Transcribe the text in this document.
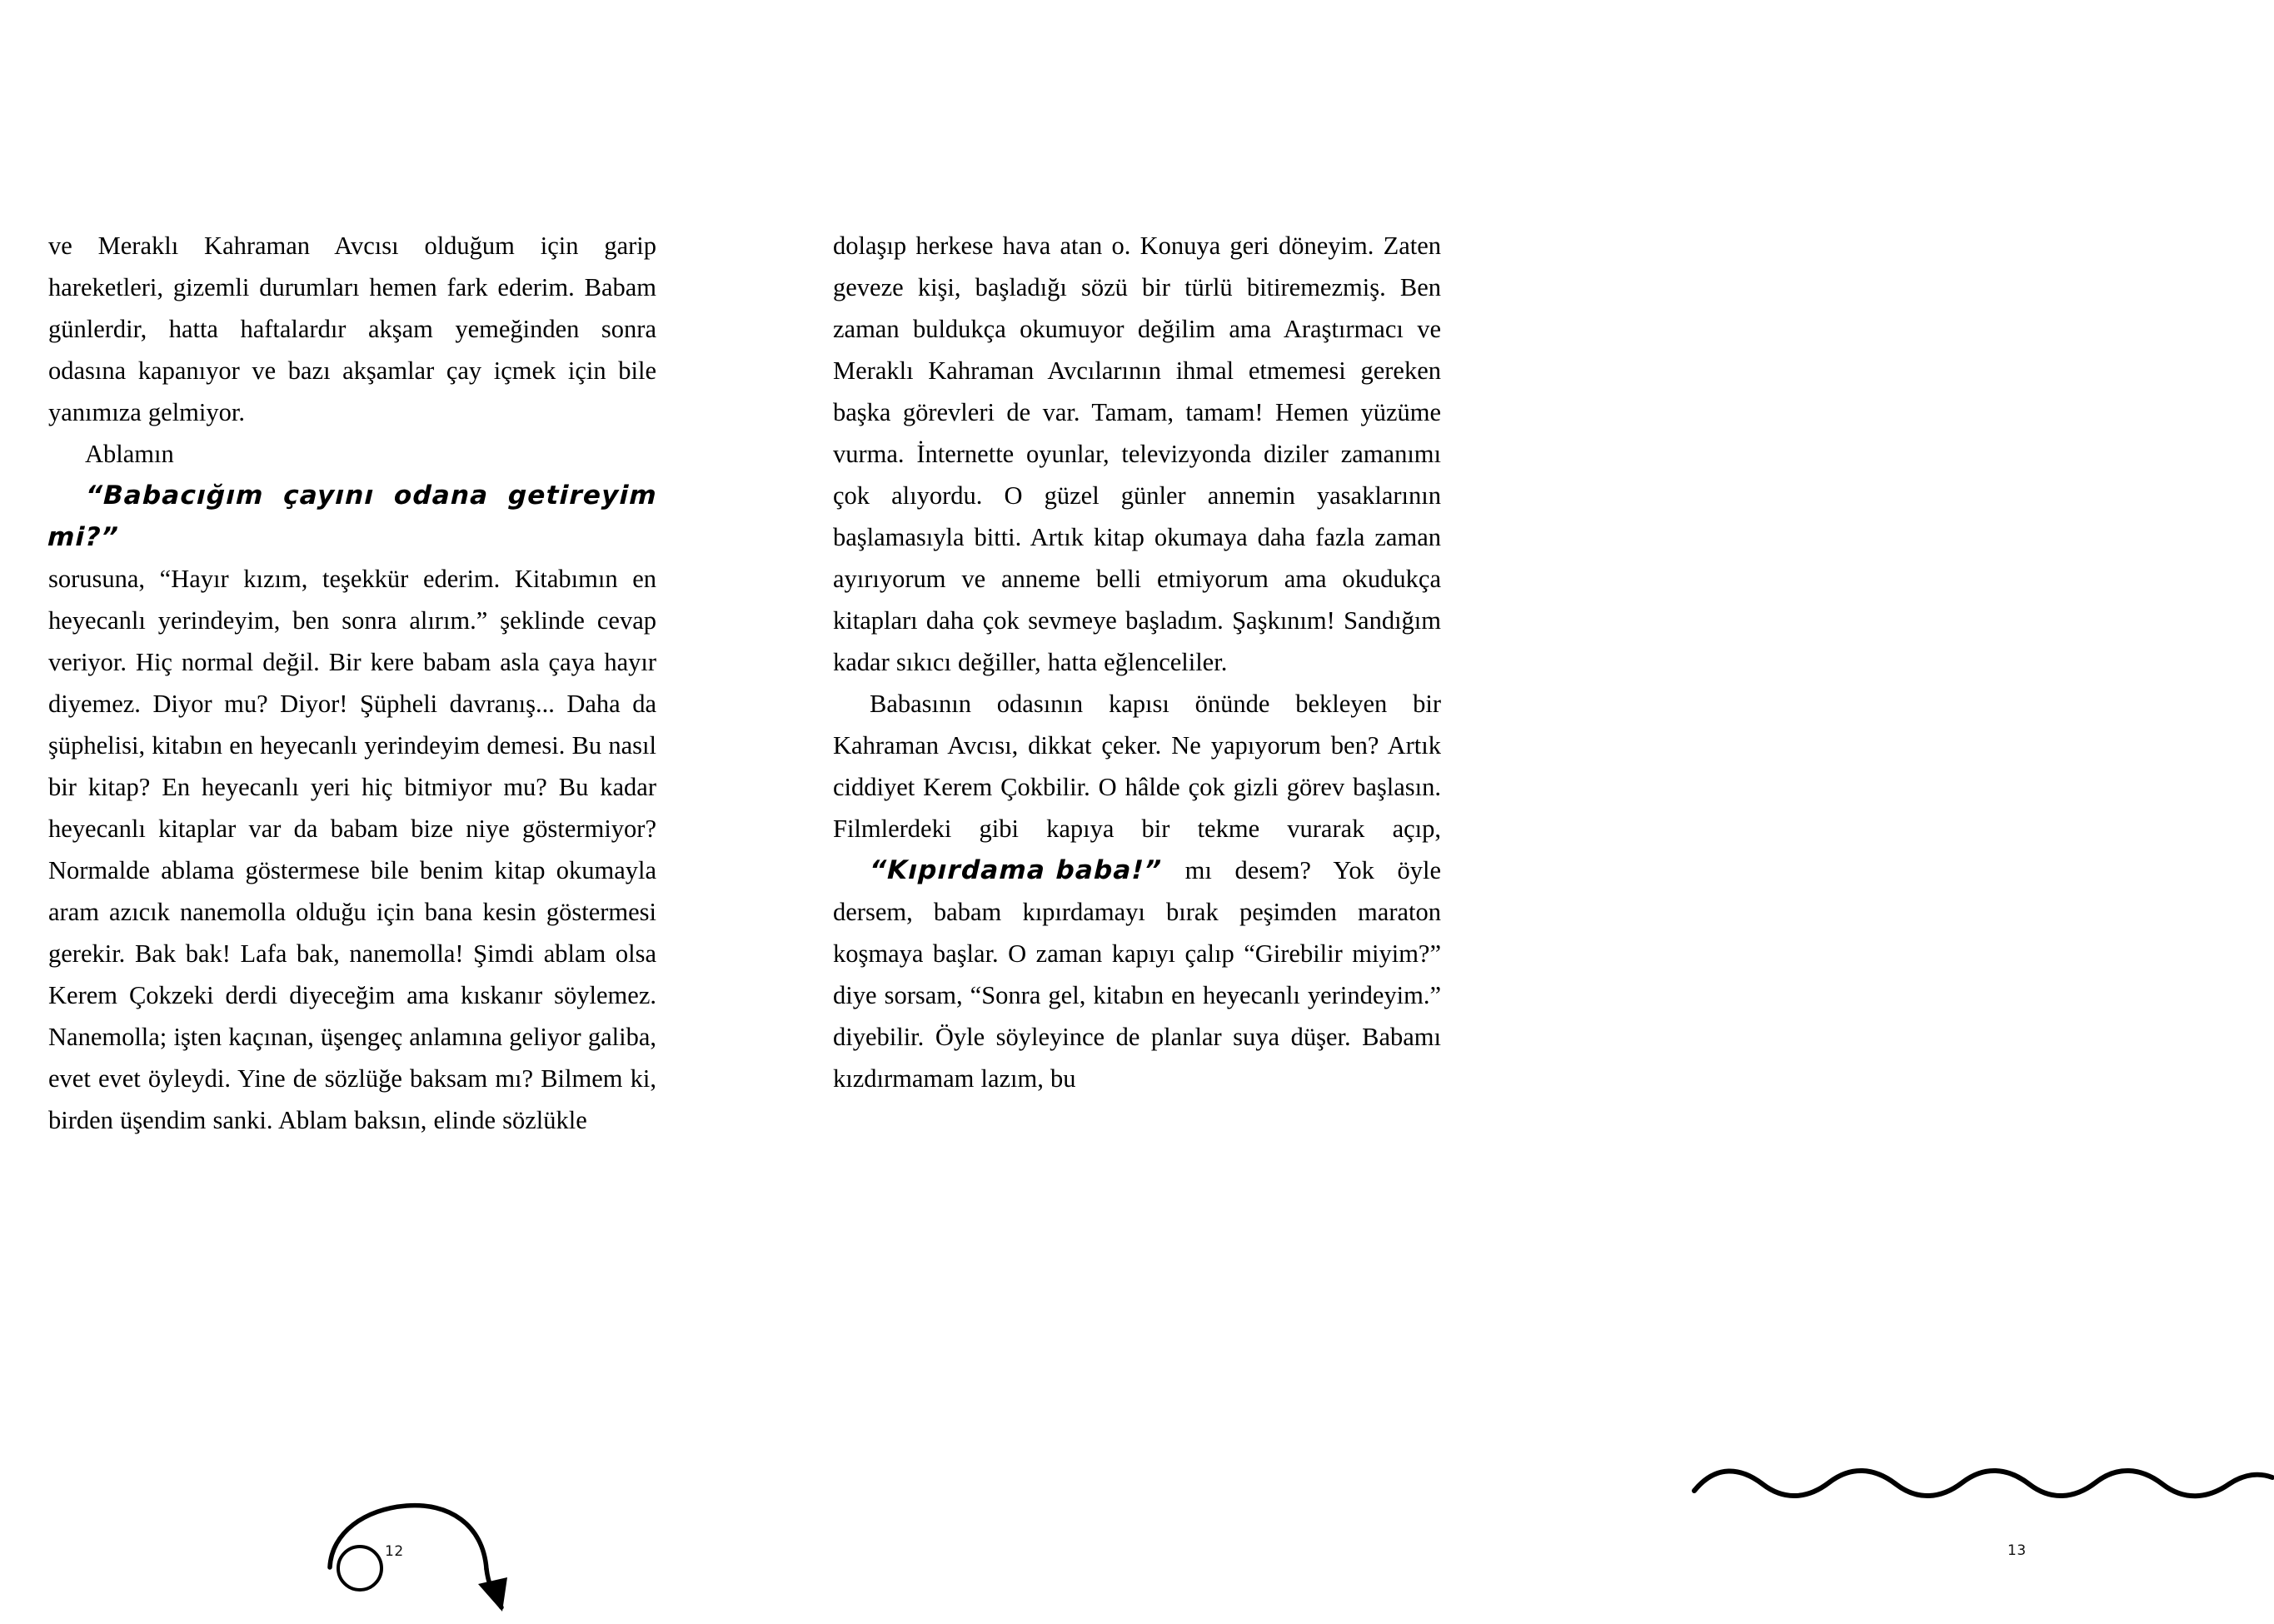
ve Meraklı Kahraman Avcısı olduğum için garip hareketleri, gizemli durumları hemen fark ederim. Babam günlerdir, hatta haftalardır akşam yemeğinden sonra odasına kapanıyor ve bazı akşamlar çay içmek için bile yanımıza gelmiyor.

Ablamın “Babacığım çayını odana getireyim mi?” sorusuna, “Hayır kızım, teşekkür ederim. Kitabımın en heyecanlı yerindeyim, ben sonra alırım.” şeklinde cevap veriyor. Hiç normal değil. Bir kere babam asla çaya hayır diyemez. Diyor mu? Diyor! Şüpheli davranış... Daha da şüphelisi, kitabın en heyecanlı yerindeyim demesi. Bu nasıl bir kitap? En heyecanlı yeri hiç bitmiyor mu? Bu kadar heyecanlı kitaplar var da babam bize niye göstermiyor? Normalde ablama göstermese bile benim kitap okumayla aram azıcık nanemolla olduğu için bana kesin göstermesi gerekir. Bak bak! Lafa bak, nanemolla! Şimdi ablam olsa Kerem Çokzeki derdi diyeceğim ama kıskanır söylemez. Nanemolla; işten kaçınan, üşengeç anlamına geliyor galiba, evet evet öyleydi. Yine de sözlüğe baksam mı? Bilmem ki, birden üşendim sanki. Ablam baksın, elinde sözlükle

12

dolaşıp herkese hava atan o. Konuya geri döneyim. Zaten geveze kişi, başladığı sözü bir türlü bitiremezmiş. Ben zaman buldukça okumuyor değilim ama Araştırmacı ve Meraklı Kahraman Avcılarının ihmal etmemesi gereken başka görevleri de var. Tamam, tamam! Hemen yüzüme vurma. İnternette oyunlar, televizyonda diziler zamanımı çok alıyordu. O güzel günler annemin yasaklarının başlamasıyla bitti. Artık kitap okumaya daha fazla zaman ayırıyorum ve anneme belli etmiyorum ama okudukça kitapları daha çok sevmeye başladım. Şaşkınım! Sandığım kadar sıkıcı değiller, hatta eğlenceliler.

Babasının odasının kapısı önünde bekleyen bir Kahraman Avcısı, dikkat çeker. Ne yapıyorum ben? Artık ciddiyet Kerem Çokbilir. O hâlde çok gizli görev başlasın. Filmlerdeki gibi kapıya bir tekme vurarak açıp, “Kıpırdama baba!” mı desem? Yok öyle dersem, babam kıpırdamayı bırak peşimden maraton koşmaya başlar. O zaman kapıyı çalıp “Girebilir miyim?” diye sorsam, “Sonra gel, kitabın en heyecanlı yerindeyim.” diyebilir. Öyle söyleyince de planlar suya düşer. Babamı kızdırmamam lazım, bu

13
